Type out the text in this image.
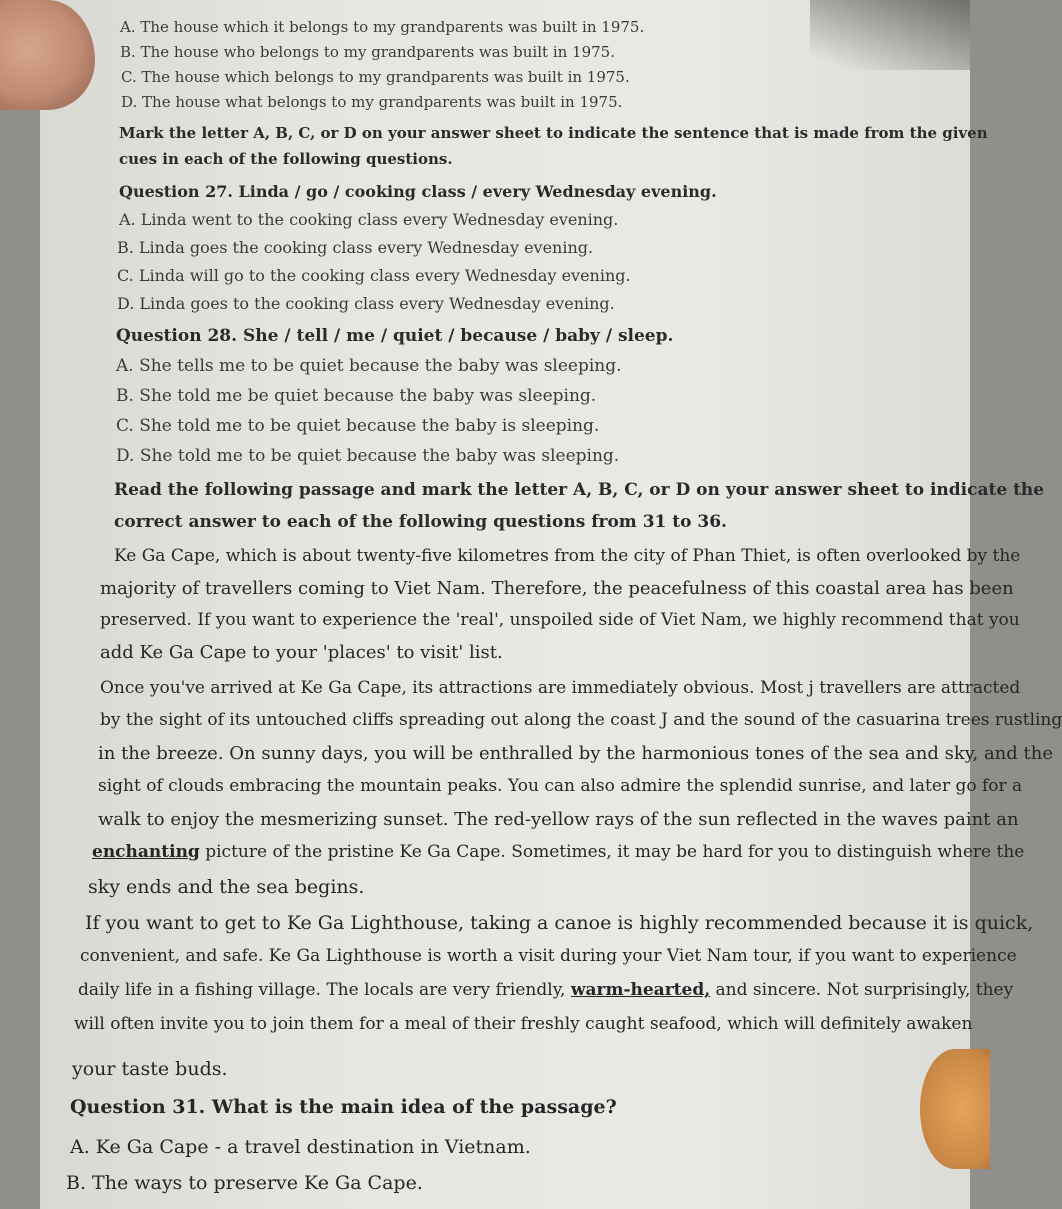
A. The house which it belongs to my grandparents was built in 1975.

B. The house who belongs to my grandparents was built in 1975.

C. The house which belongs to my grandparents was built in 1975.

D. The house what belongs to my grandparents was built in 1975.

Mark the letter A, B, C, or D on your answer sheet to indicate the sentence that is made from the given

cues in each of the following questions.

Question 27. Linda / go / cooking class / every Wednesday evening.

A. Linda went to the cooking class every Wednesday evening.

B. Linda goes the cooking class every Wednesday evening.

C. Linda will go to the cooking class every Wednesday evening.

D. Linda goes to the cooking class every Wednesday evening.

Question 28. She / tell / me / quiet / because / baby / sleep.

A. She tells me to be quiet because the baby was sleeping.

B. She told me be quiet because the baby was sleeping.

C. She told me to be quiet because the baby is sleeping.

D. She told me to be quiet because the baby was sleeping.

Read the following passage and mark the letter A, B, C, or D on your answer sheet to indicate the

correct answer to each of the following questions from 31 to 36.

Ke Ga Cape, which is about twenty-five kilometres from the city of Phan Thiet, is often overlooked by the

majority of travellers coming to Viet Nam. Therefore, the peacefulness of this coastal area has been

preserved. If you want to experience the 'real', unspoiled side of Viet Nam, we highly recommend that you

add Ke Ga Cape to your 'places' to visit' list.

Once you've arrived at Ke Ga Cape, its attractions are immediately obvious. Most j travellers are attracted

by the sight of its untouched cliffs spreading out along the coast J and the sound of the casuarina trees rustling

in the breeze. On sunny days, you will be enthralled by the harmonious tones of the sea and sky, and the

sight of clouds embracing the mountain peaks. You can also admire the splendid sunrise, and later go for a

walk to enjoy the mesmerizing sunset. The red-yellow rays of the sun reflected in the waves paint an

enchanting picture of the pristine Ke Ga Cape. Sometimes, it may be hard for you to distinguish where the

sky ends and the sea begins.

If you want to get to Ke Ga Lighthouse, taking a canoe is highly recommended because it is quick,

convenient, and safe. Ke Ga Lighthouse is worth a visit during your Viet Nam tour, if you want to experience

daily life in a fishing village. The locals are very friendly, warm-hearted, and sincere. Not surprisingly, they

will often invite you to join them for a meal of their freshly caught seafood, which will definitely awaken

your taste buds.

Question 31. What is the main idea of the passage?

A. Ke Ga Cape - a travel destination in Vietnam.

B. The ways to preserve Ke Ga Cape.
